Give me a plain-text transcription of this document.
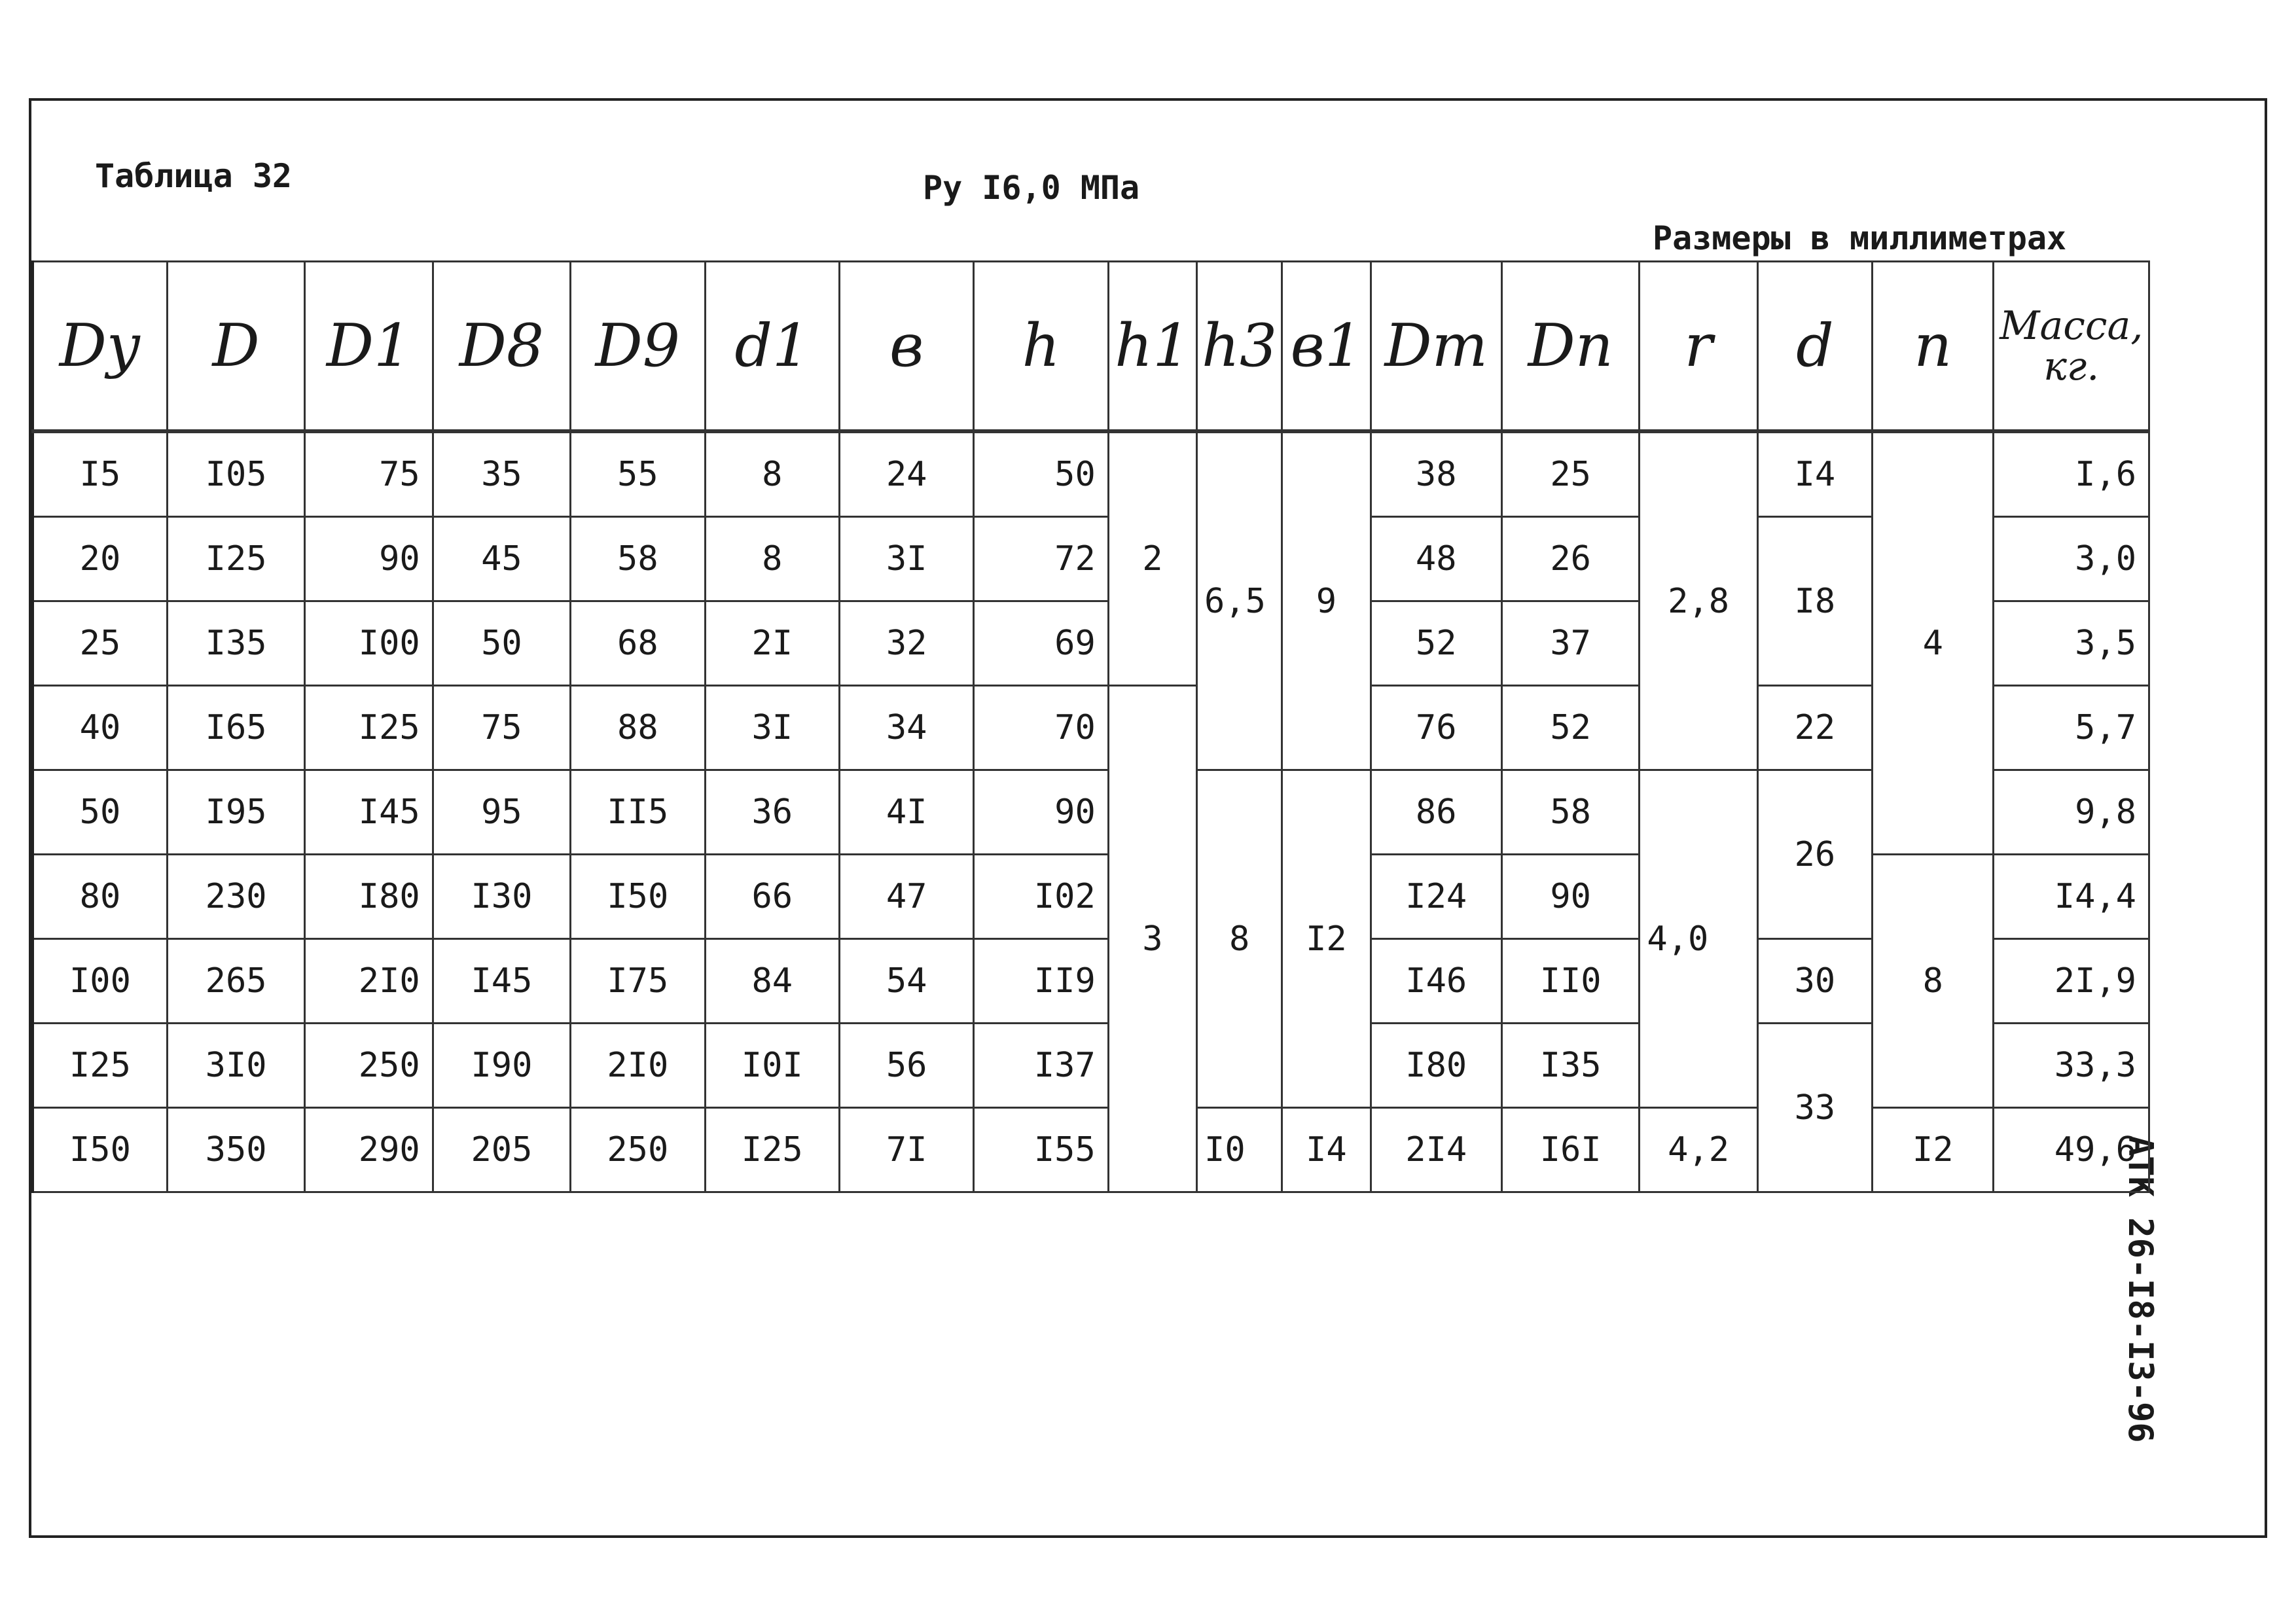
Таблица 32	Ру I6,0 МПа
Размеры в миллиметрах
АТК 26-I8-I3-96
Dу	D	D1	D8	D9	d1	в	h	h1	h3	в1	Dm	Dn	r	d	n	Масса,
кг.
I5	I05	75	35	55	8	24	50	2	6,5	9	38	25	2,8	I4	4	I,6
20	I25	90	45	58	8	3I	72				48	26		I8		3,0
25	I35	I00	50	68	2I	32	69				52	37				3,5
40	I65	I25	75	88	3I	34	70	3			76	52		22		5,7
50	I95	I45	95	II5	36	4I	90		8	I2	86	58	4,0	26		9,8
80	230	I80	I30	I50	66	47	I02				I24	90			8	I4,4
I00	265	2I0	I45	I75	84	54	II9				I46	II0		30		2I,9
I25	3I0	250	I90	2I0	I0I	56	I37				I80	I35		33		33,3
I50	350	290	205	250	I25	7I	I55		I0	I4	2I4	I6I	4,2		I2	49,6
